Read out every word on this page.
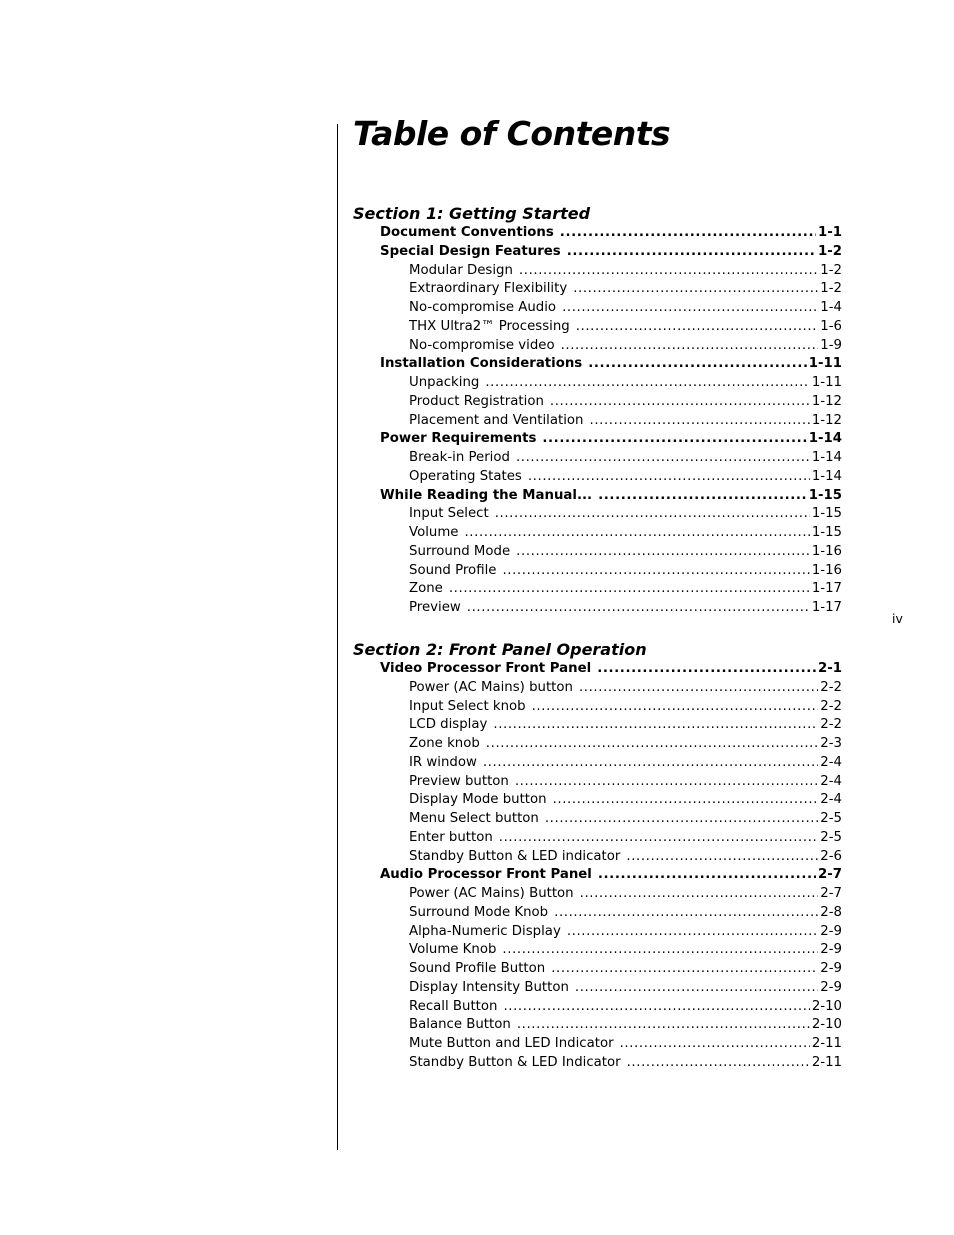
Table of Contents
Section 1: Getting Started
Document Conventions .....	1-1
Special Design Features .....	1-2
Modular Design .....	1-2
Extraordinary Flexibility .....	1-2
No-compromise Audio .....	1-4
THX Ultra2™ Processing .....	1-6
No-compromise video .....	1-9
Installation Considerations .....	1-11
Unpacking .....	1-11
Product Registration .....	1-12
Placement and Ventilation .....	1-12
Power Requirements .....	1-14
Break-in Period .....	1-14
Operating States .....	1-14
While Reading the Manual... .....	1-15
Input Select .....	1-15
Volume .....	1-15
Surround Mode .....	1-16
Sound Profile .....	1-16
Zone .....	1-17
Preview .....	1-17
Section 2: Front Panel Operation
Video Processor Front Panel .....	2-1
Power (AC Mains) button .....	2-2
Input Select knob .....	2-2
LCD display .....	2-2
Zone knob .....	2-3
IR window .....	2-4
Preview button .....	2-4
Display Mode button .....	2-4
Menu Select button .....	2-5
Enter button .....	2-5
Standby Button & LED indicator .....	2-6
Audio Processor Front Panel .....	2-7
Power (AC Mains) Button .....	2-7
Surround Mode Knob .....	2-8
Alpha-Numeric Display .....	2-9
Volume Knob .....	2-9
Sound Profile Button .....	2-9
Display Intensity Button .....	2-9
Recall Button .....	2-10
Balance Button .....	2-10
Mute Button and LED Indicator .....	2-11
Standby Button & LED Indicator .....	2-11
iv
